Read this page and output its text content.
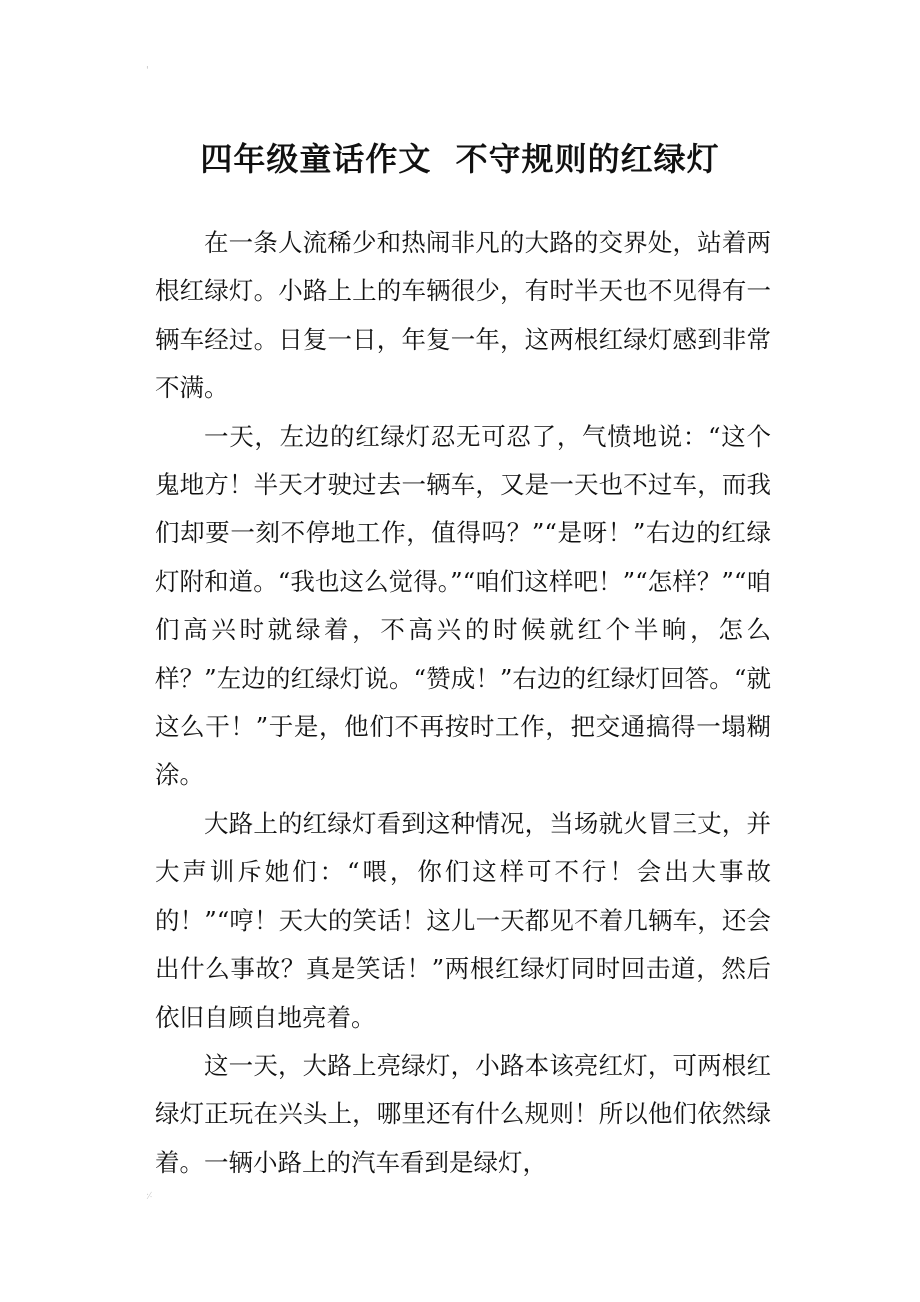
'
四年级童话作文  不守规则的红绿灯

在一条人流稀少和热闹非凡的大路的交界处，站着两根红绿灯。小路上上的车辆很少，有时半天也不见得有一辆车经过。日复一日，年复一年，这两根红绿灯感到非常不满。

一天，左边的红绿灯忍无可忍了，气愤地说：“这个鬼地方！半天才驶过去一辆车，又是一天也不过车，而我们却要一刻不停地工作，值得吗？”“是呀！”右边的红绿灯附和道。“我也这么觉得。”“咱们这样吧！”“怎样？”“咱们高兴时就绿着，不高兴的时候就红个半晌，怎么样？”左边的红绿灯说。“赞成！”右边的红绿灯回答。“就这么干！”于是，他们不再按时工作，把交通搞得一塌糊涂。

大路上的红绿灯看到这种情况，当场就火冒三丈，并大声训斥她们：“喂，你们这样可不行！会出大事故的！”“哼！天大的笑话！这儿一天都见不着几辆车，还会出什么事故？真是笑话！”两根红绿灯同时回击道，然后依旧自顾自地亮着。

这一天，大路上亮绿灯，小路本该亮红灯，可两根红绿灯正玩在兴头上，哪里还有什么规则！所以他们依然绿着。一辆小路上的汽车看到是绿灯，

⸓
